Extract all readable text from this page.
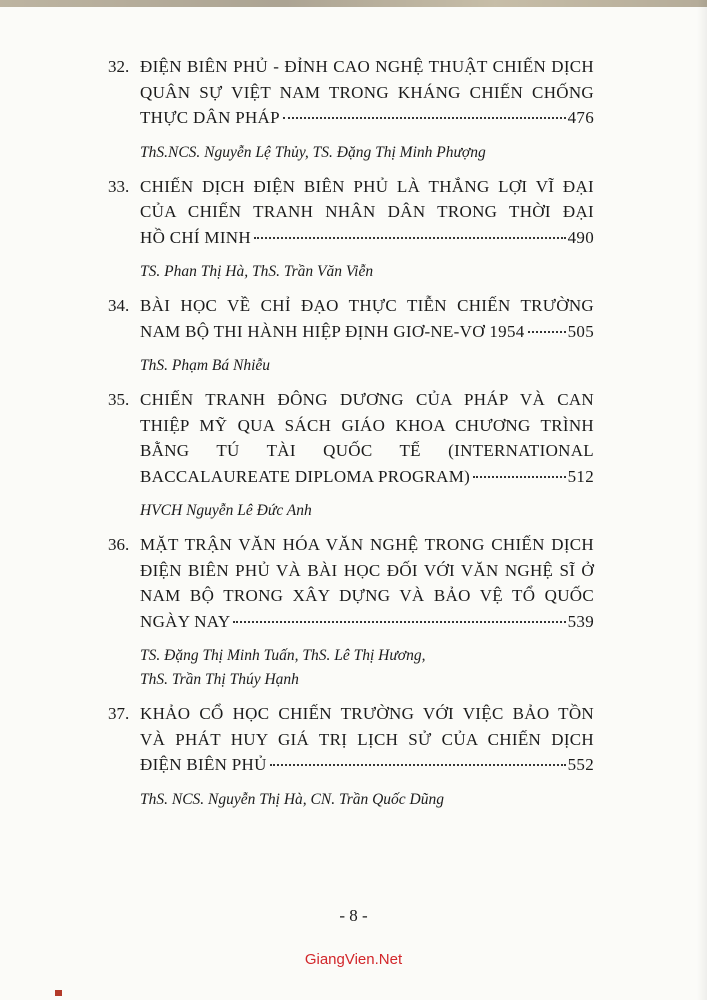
32. ĐIỆN BIÊN PHỦ - ĐỈNH CAO NGHỆ THUẬT CHIẾN DỊCH
QUÂN SỰ VIỆT NAM TRONG KHÁNG CHIẾN CHỐNG
THỰC DÂN PHÁP	476
ThS.NCS. Nguyễn Lệ Thủy, TS. Đặng Thị Minh Phượng
33. CHIẾN DỊCH ĐIỆN BIÊN PHỦ LÀ THẮNG LỢI VĨ ĐẠI
CỦA CHIẾN TRANH NHÂN DÂN TRONG THỜI ĐẠI
HỒ CHÍ MINH	490
TS. Phan Thị Hà, ThS. Trần Văn Viễn
34. BÀI HỌC VỀ CHỈ ĐẠO THỰC TIỄN CHIẾN TRƯỜNG
NAM BỘ THI HÀNH HIỆP ĐỊNH GIƠ-NE-VƠ 1954	505
ThS. Phạm Bá Nhiễu
35. CHIẾN TRANH ĐÔNG DƯƠNG CỦA PHÁP VÀ CAN
THIỆP MỸ QUA SÁCH GIÁO KHOA CHƯƠNG TRÌNH
BẰNG TÚ TÀI QUỐC TẾ (INTERNATIONAL
BACCALAUREATE DIPLOMA PROGRAM)	512
HVCH Nguyễn Lê Đức Anh
36. MẶT TRẬN VĂN HÓA VĂN NGHỆ TRONG CHIẾN DỊCH
ĐIỆN BIÊN PHỦ VÀ BÀI HỌC ĐỐI VỚI VĂN NGHỆ SĨ Ở
NAM BỘ TRONG XÂY DỰNG VÀ BẢO VỆ TỔ QUỐC
NGÀY NAY	539
TS. Đặng Thị Minh Tuấn, ThS. Lê Thị Hương,
ThS. Trần Thị Thúy Hạnh
37. KHẢO CỔ HỌC CHIẾN TRƯỜNG VỚI VIỆC BẢO TỒN
VÀ PHÁT HUY GIÁ TRỊ LỊCH SỬ CỦA CHIẾN DỊCH
ĐIỆN BIÊN PHỦ	552
ThS. NCS. Nguyễn Thị Hà, CN. Trần Quốc Dũng
- 8 -
GiangVien.Net
